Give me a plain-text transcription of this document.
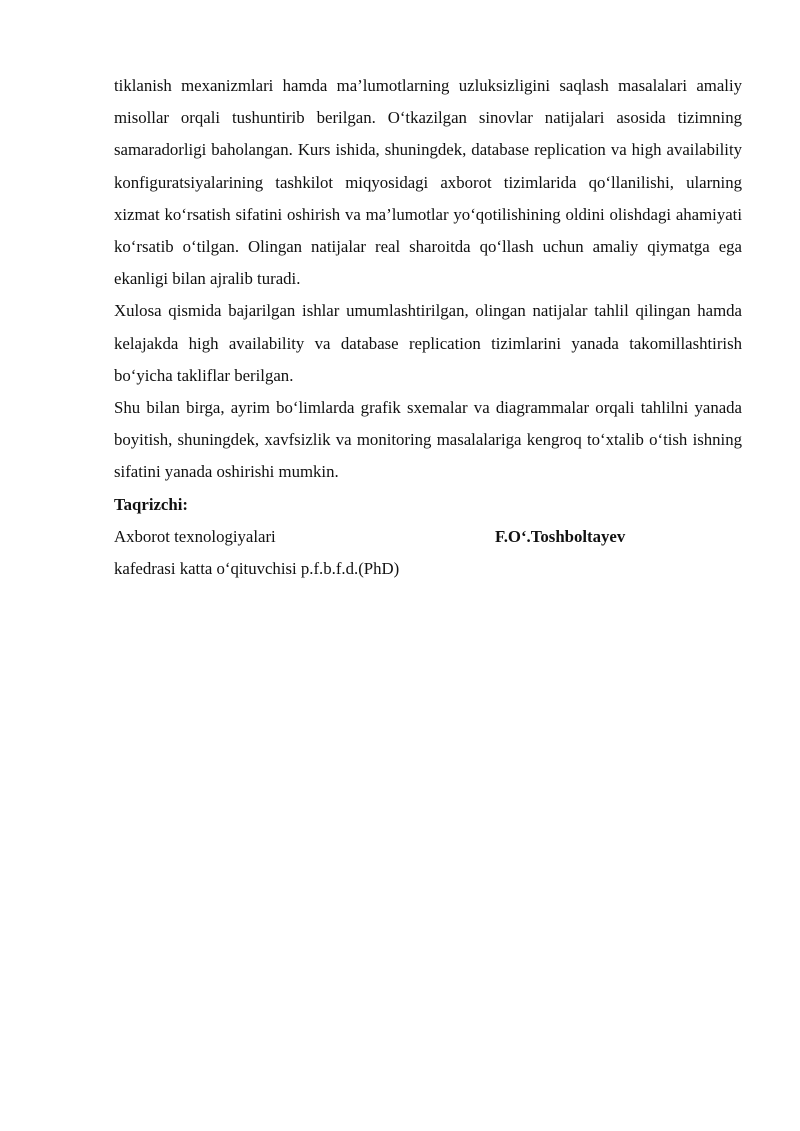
tiklanish mexanizmlari hamda ma’lumotlarning uzluksizligini saqlash masalalari amaliy misollar orqali tushuntirib berilgan. O‘tkazilgan sinovlar natijalari asosida tizimning samaradorligi baholangan. Kurs ishida, shuningdek, database replication va high availability konfiguratsiyalarining tashkilot miqyosidagi axborot tizimlarida qo‘llanilishi, ularning xizmat ko‘rsatish sifatini oshirish va ma’lumotlar yo‘qotilishining oldini olishdagi ahamiyati ko‘rsatib o‘tilgan. Olingan natijalar real sharoitda qo‘llash uchun amaliy qiymatga ega ekanligi bilan ajralib turadi.

Xulosa qismida bajarilgan ishlar umumlashtirilgan, olingan natijalar tahlil qilingan hamda kelajakda high availability va database replication tizimlarini yanada takomillashtirish bo‘yicha takliflar berilgan.

Shu bilan birga, ayrim bo‘limlarda grafik sxemalar va diagrammalar orqali tahlilni yanada boyitish, shuningdek, xavfsizlik va monitoring masalalariga kengroq to‘xtalib o‘tish ishning sifatini yanada oshirishi mumkin.

Taqrizchi:

Axborot texnologiyalari	F.O‘.Toshboltayev

kafedrasi katta o‘qituvchisi p.f.b.f.d.(PhD)
